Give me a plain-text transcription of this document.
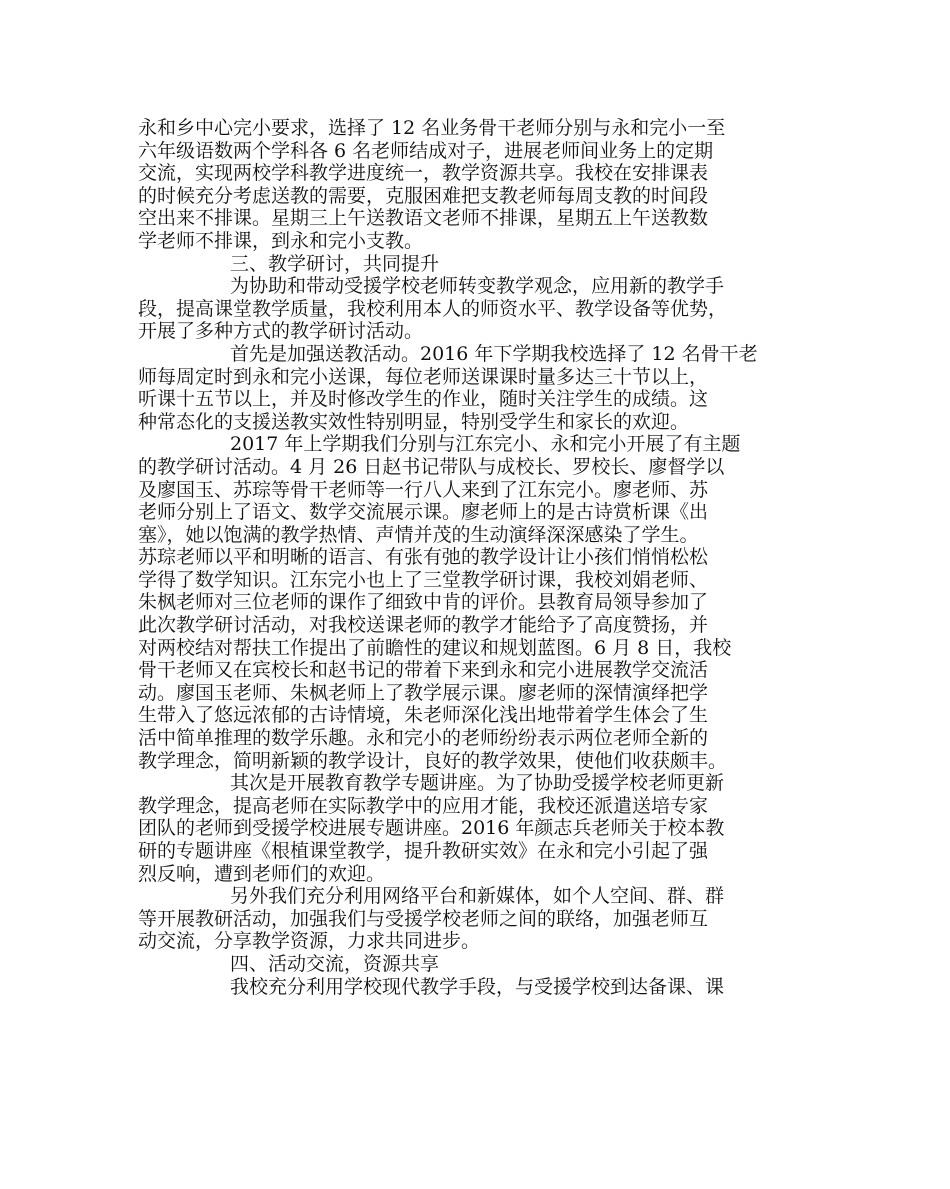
永和乡中心完小要求，选择了 12 名业务骨干老师分别与永和完小一至
六年级语数两个学科各 6 名老师结成对子，进展老师间业务上的定期
交流，实现两校学科教学进度统一，教学资源共享。我校在安排课表
的时候充分考虑送教的需要，克服困难把支教老师每周支教的时间段
空出来不排课。星期三上午送教语文老师不排课，星期五上午送教数
学老师不排课，到永和完小支教。
三、教学研讨，共同提升
为协助和带动受援学校老师转变教学观念，应用新的教学手
段，提高课堂教学质量，我校利用本人的师资水平、教学设备等优势，
开展了多种方式的教学研讨活动。
首先是加强送教活动。2016 年下学期我校选择了 12 名骨干老
师每周定时到永和完小送课，每位老师送课课时量多达三十节以上，
听课十五节以上，并及时修改学生的作业，随时关注学生的成绩。这
种常态化的支援送教实效性特别明显，特别受学生和家长的欢迎。
2017 年上学期我们分别与江东完小、永和完小开展了有主题
的教学研讨活动。4 月 26 日赵书记带队与成校长、罗校长、廖督学以
及廖国玉、苏琮等骨干老师等一行八人来到了江东完小。廖老师、苏
老师分别上了语文、数学交流展示课。廖老师上的是古诗赏析课《出
塞》，她以饱满的教学热情、声情并茂的生动演绎深深感染了学生。
苏琮老师以平和明晰的语言、有张有弛的教学设计让小孩们悄悄松松
学得了数学知识。江东完小也上了三堂教学研讨课，我校刘娟老师、
朱枫老师对三位老师的课作了细致中肯的评价。县教育局领导参加了
此次教学研讨活动，对我校送课老师的教学才能给予了高度赞扬，并
对两校结对帮扶工作提出了前瞻性的建议和规划蓝图。6 月 8 日，我校
骨干老师又在宾校长和赵书记的带着下来到永和完小进展教学交流活
动。廖国玉老师、朱枫老师上了教学展示课。廖老师的深情演绎把学
生带入了悠远浓郁的古诗情境，朱老师深化浅出地带着学生体会了生
活中简单推理的数学乐趣。永和完小的老师纷纷表示两位老师全新的
教学理念，简明新颖的教学设计，良好的教学效果，使他们收获颇丰。
其次是开展教育教学专题讲座。为了协助受援学校老师更新
教学理念，提高老师在实际教学中的应用才能，我校还派遣送培专家
团队的老师到受援学校进展专题讲座。2016 年颜志兵老师关于校本教
研的专题讲座《根植课堂教学，提升教研实效》在永和完小引起了强
烈反响，遭到老师们的欢迎。
另外我们充分利用网络平台和新媒体，如个人空间、群、群
等开展教研活动，加强我们与受援学校老师之间的联络，加强老师互
动交流，分享教学资源，力求共同进步。
四、活动交流，资源共享
我校充分利用学校现代教学手段，与受援学校到达备课、课
